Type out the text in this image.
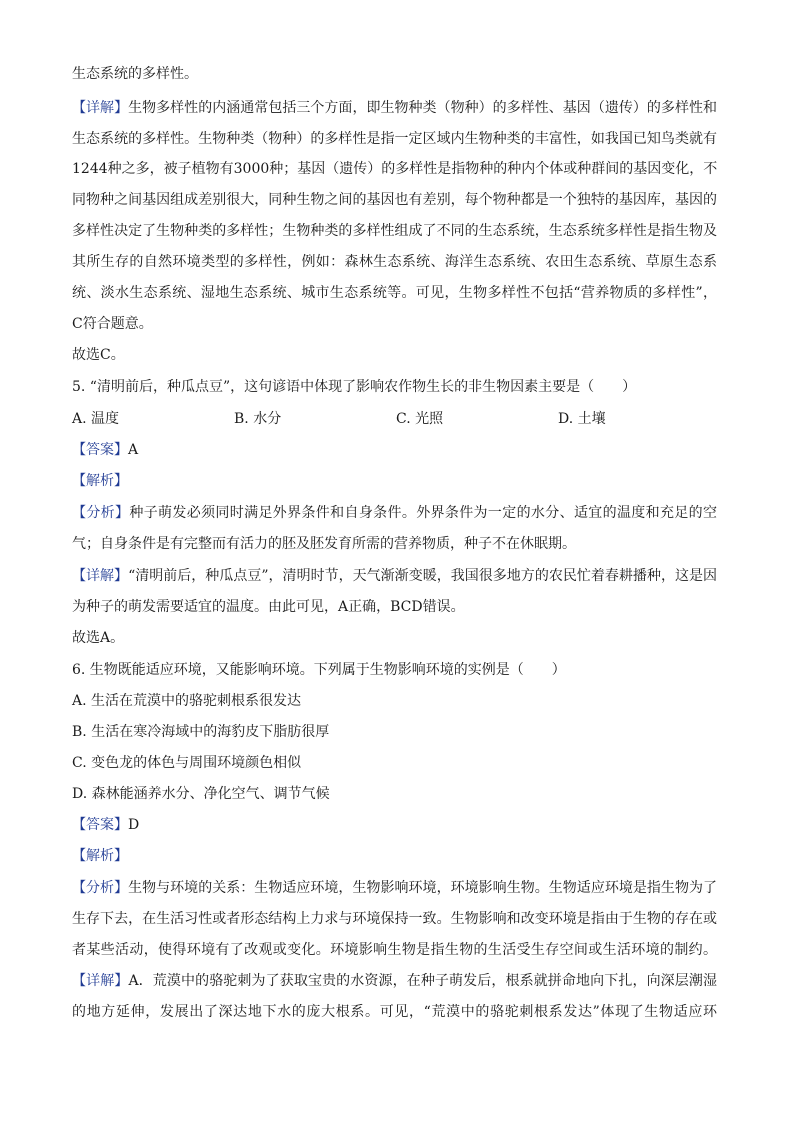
生态系统的多样性。
【详解】生物多样性的内涵通常包括三个方面，即生物种类（物种）的多样性、基因（遗传）的多样性和
生态系统的多样性。生物种类（物种）的多样性是指一定区域内生物种类的丰富性，如我国已知鸟类就有
1244种之多，被子植物有3000种；基因（遗传）的多样性是指物种的种内个体或种群间的基因变化，不
同物种之间基因组成差别很大，同种生物之间的基因也有差别，每个物种都是一个独特的基因库，基因的
多样性决定了生物种类的多样性；生物种类的多样性组成了不同的生态系统，生态系统多样性是指生物及
其所生存的自然环境类型的多样性，例如：森林生态系统、海洋生态系统、农田生态系统、草原生态系
统、淡水生态系统、湿地生态系统、城市生态系统等。可见，生物多样性不包括“营养物质的多样性”，
C符合题意。
故选C。
5. “清明前后，种瓜点豆”，这句谚语中体现了影响农作物生长的非生物因素主要是（　　）
A. 温度	B. 水分	C. 光照	D. 土壤
【答案】A
【解析】
【分析】种子萌发必须同时满足外界条件和自身条件。外界条件为一定的水分、适宜的温度和充足的空
气；自身条件是有完整而有活力的胚及胚发育所需的营养物质，种子不在休眠期。
【详解】“清明前后，种瓜点豆”，清明时节，天气渐渐变暖，我国很多地方的农民忙着春耕播种，这是因
为种子的萌发需要适宜的温度。由此可见，A正确，BCD错误。
故选A。
6. 生物既能适应环境，又能影响环境。下列属于生物影响环境的实例是（　　）
A. 生活在荒漠中的骆驼刺根系很发达
B. 生活在寒冷海域中的海豹皮下脂肪很厚
C. 变色龙的体色与周围环境颜色相似
D. 森林能涵养水分、净化空气、调节气候
【答案】D
【解析】
【分析】生物与环境的关系：生物适应环境，生物影响环境，环境影响生物。生物适应环境是指生物为了
生存下去，在生活习性或者形态结构上力求与环境保持一致。生物影响和改变环境是指由于生物的存在或
者某些活动，使得环境有了改观或变化。环境影响生物是指生物的生活受生存空间或生活环境的制约。
【详解】A．荒漠中的骆驼刺为了获取宝贵的水资源，在种子萌发后，根系就拼命地向下扎，向深层潮湿
的地方延伸，发展出了深达地下水的庞大根系。可见，“荒漠中的骆驼刺根系发达”体现了生物适应环
